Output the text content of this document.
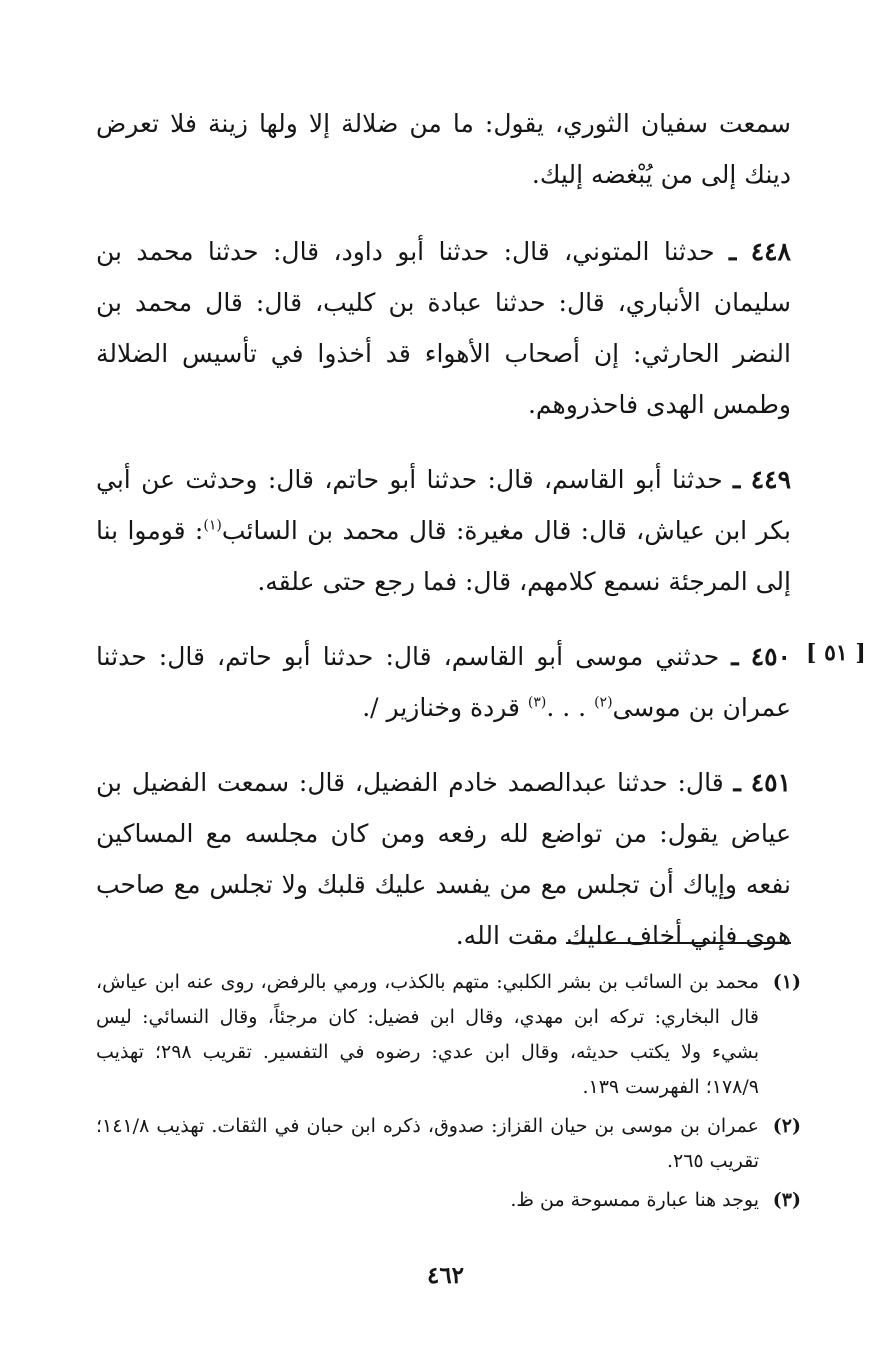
سمعت سفيان الثوري، يقول: ما من ضلالة إلا ولها زينة فلا تعرض دينك إلى من يُبْغضه إليك.

٤٤٨ ـ حدثنا المتوني، قال: حدثنا أبو داود، قال: حدثنا محمد بن سليمان الأنباري، قال: حدثنا عبادة بن كليب، قال: قال محمد بن النضر الحارثي: إن أصحاب الأهواء قد أخذوا في تأسيس الضلالة وطمس الهدى فاحذروهم.

٤٤٩ ـ حدثنا أبو القاسم، قال: حدثنا أبو حاتم، قال: وحدثت عن أبي بكر ابن عياش، قال: قال مغيرة: قال محمد بن السائب$^{(١)}$: قوموا بنا إلى المرجئة نسمع كلامهم، قال: فما رجع حتى علقه.

٤٥٠ ـ حدثني موسى أبو القاسم، قال: حدثنا أبو حاتم، قال: حدثنا عمران بن موسى$^{(٢)}$ . . .$^{(٣)}$ قردة وخنازير /.

٤٥١ ـ قال: حدثنا عبدالصمد خادم الفضيل، قال: سمعت الفضيل بن عياض يقول: من تواضع لله رفعه ومن كان مجلسه مع المساكين نفعه وإياك أن تجلس مع من يفسد عليك قلبك ولا تجلس مع صاحب هوى فإني أخاف عليك مقت الله.

[ ٥١ ]
(١)
محمد بن السائب بن بشر الكلبي: متهم بالكذب، ورمي بالرفض، روى عنه ابن عياش، قال البخاري: تركه ابن مهدي، وقال ابن فضيل: كان مرجئاً، وقال النسائي: ليس بشيء ولا يكتب حديثه، وقال ابن عدي: رضوه في التفسير. تقريب ٢٩٨؛ تهذيب ١٧٨/٩؛ الفهرست ١٣٩.
(٢)
عمران بن موسى بن حيان القزاز: صدوق، ذكره ابن حبان في الثقات. تهذيب ١٤١/٨؛ تقريب ٢٦٥.
(٣)
يوجد هنا عبارة ممسوحة من ظ.
٤٦٢
